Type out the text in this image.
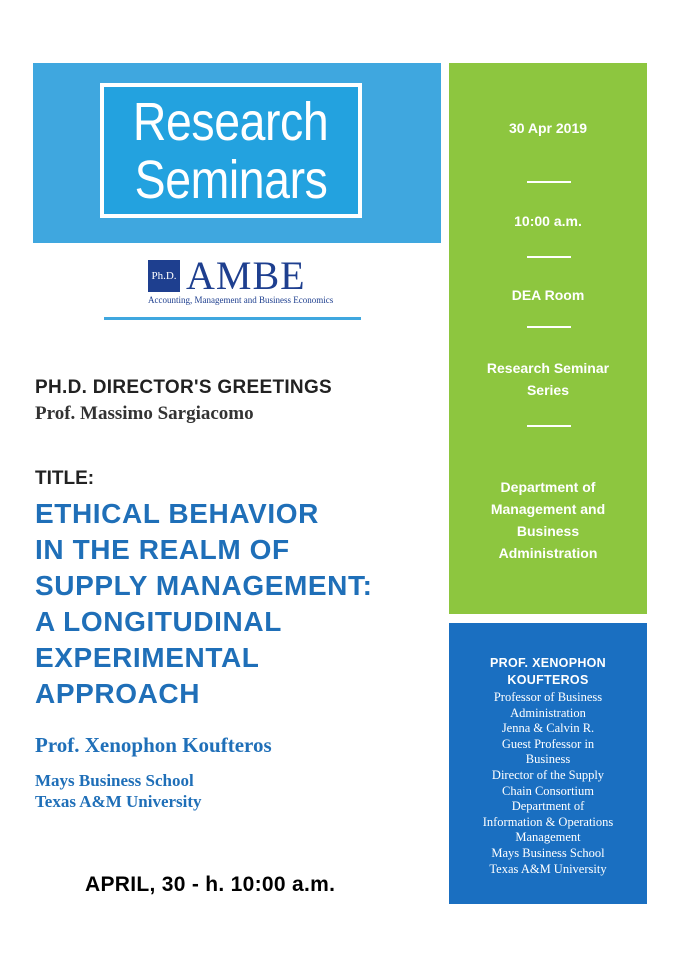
Research
Seminars
Ph.D. AMBE
Accounting, Management and Business Economics
PH.D. DIRECTOR'S GREETINGS
Prof. Massimo Sargiacomo
TITLE:
ETHICAL BEHAVIOR
IN THE REALM OF
SUPPLY MANAGEMENT:
A LONGITUDINAL
EXPERIMENTAL
APPROACH
Prof. Xenophon Koufteros
Mays Business School
Texas A&M University
APRIL, 30 - h. 10:00 a.m.
30 Apr 2019
10:00 a.m.
DEA Room
Research Seminar
Series
Department of
Management and
Business
Administration
PROF. XENOPHON
KOUFTEROS
Professor of Business
Administration
Jenna & Calvin R.
Guest Professor in
Business
Director of the Supply
Chain Consortium
Department of
Information & Operations
Management
Mays Business School
Texas A&M University
